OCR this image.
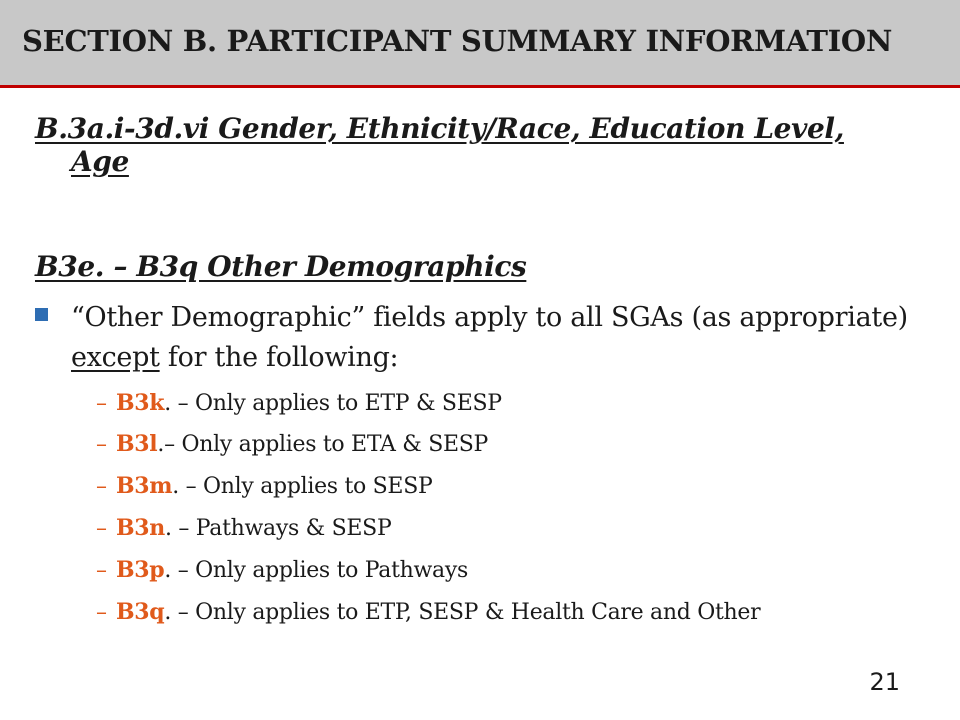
SECTION B. PARTICIPANT SUMMARY INFORMATION
B.3a.i-3d.vi Gender, Ethnicity/Race, Education Level,
Age
B3e. – B3q Other Demographics
“Other Demographic” fields apply to all SGAs (as appropriate) except for the following:
– B3k. – Only applies to ETP & SESP
– B3l.– Only applies to ETA & SESP
– B3m. – Only applies to SESP
– B3n. – Pathways & SESP
– B3p. – Only applies to Pathways
– B3q. – Only applies to ETP, SESP & Health Care and Other
21
